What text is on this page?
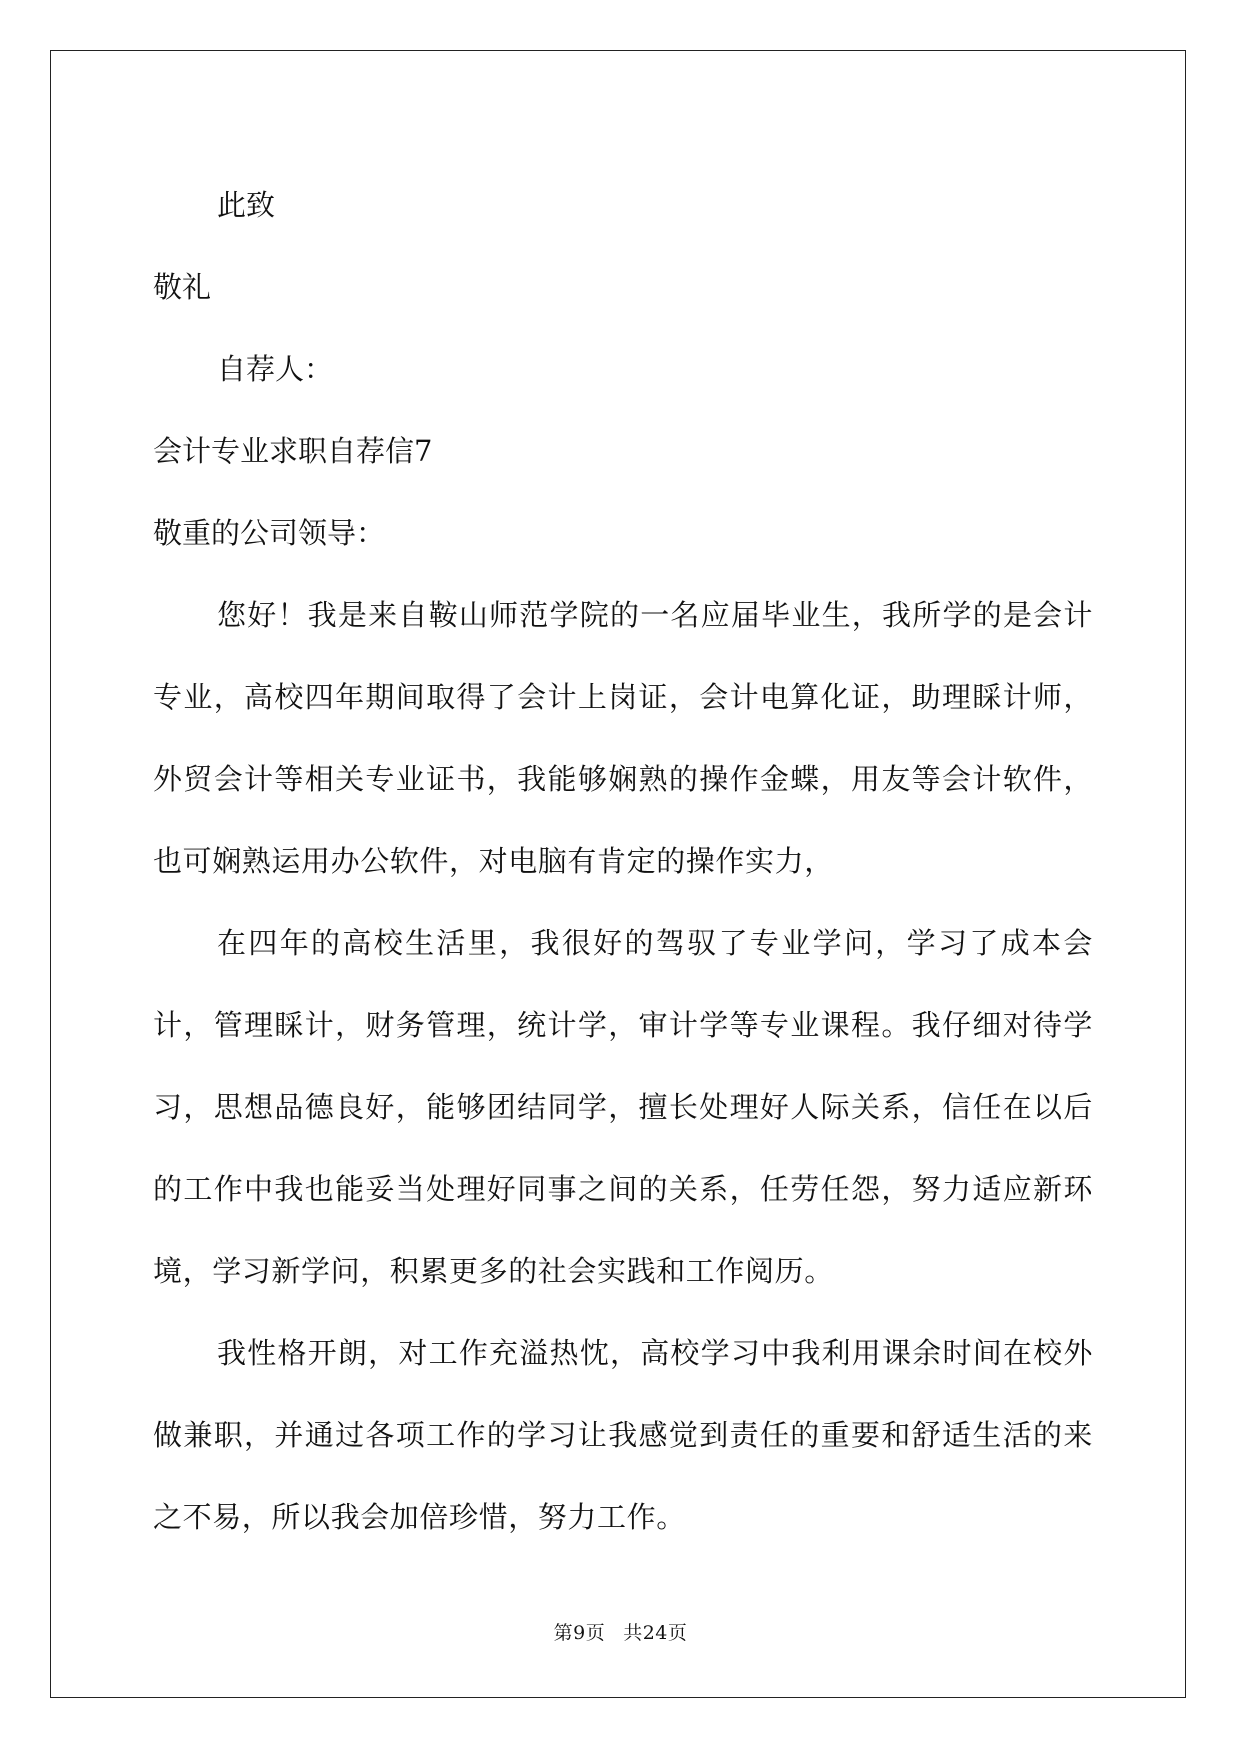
此致

敬礼

自荐人：

会计专业求职自荐信7

敬重的公司领导：

您好！我是来自鞍山师范学院的一名应届毕业生，我所学的是会计专业，高校四年期间取得了会计上岗证，会计电算化证，助理睬计师，外贸会计等相关专业证书，我能够娴熟的操作金蝶，用友等会计软件，也可娴熟运用办公软件，对电脑有肯定的操作实力，

在四年的高校生活里，我很好的驾驭了专业学问，学习了成本会计，管理睬计，财务管理，统计学，审计学等专业课程。我仔细对待学习，思想品德良好，能够团结同学，擅长处理好人际关系，信任在以后的工作中我也能妥当处理好同事之间的关系，任劳任怨，努力适应新环境，学习新学问，积累更多的社会实践和工作阅历。

我性格开朗，对工作充溢热忱，高校学习中我利用课余时间在校外做兼职，并通过各项工作的学习让我感觉到责任的重要和舒适生活的来之不易，所以我会加倍珍惜，努力工作。

第9页 共24页
